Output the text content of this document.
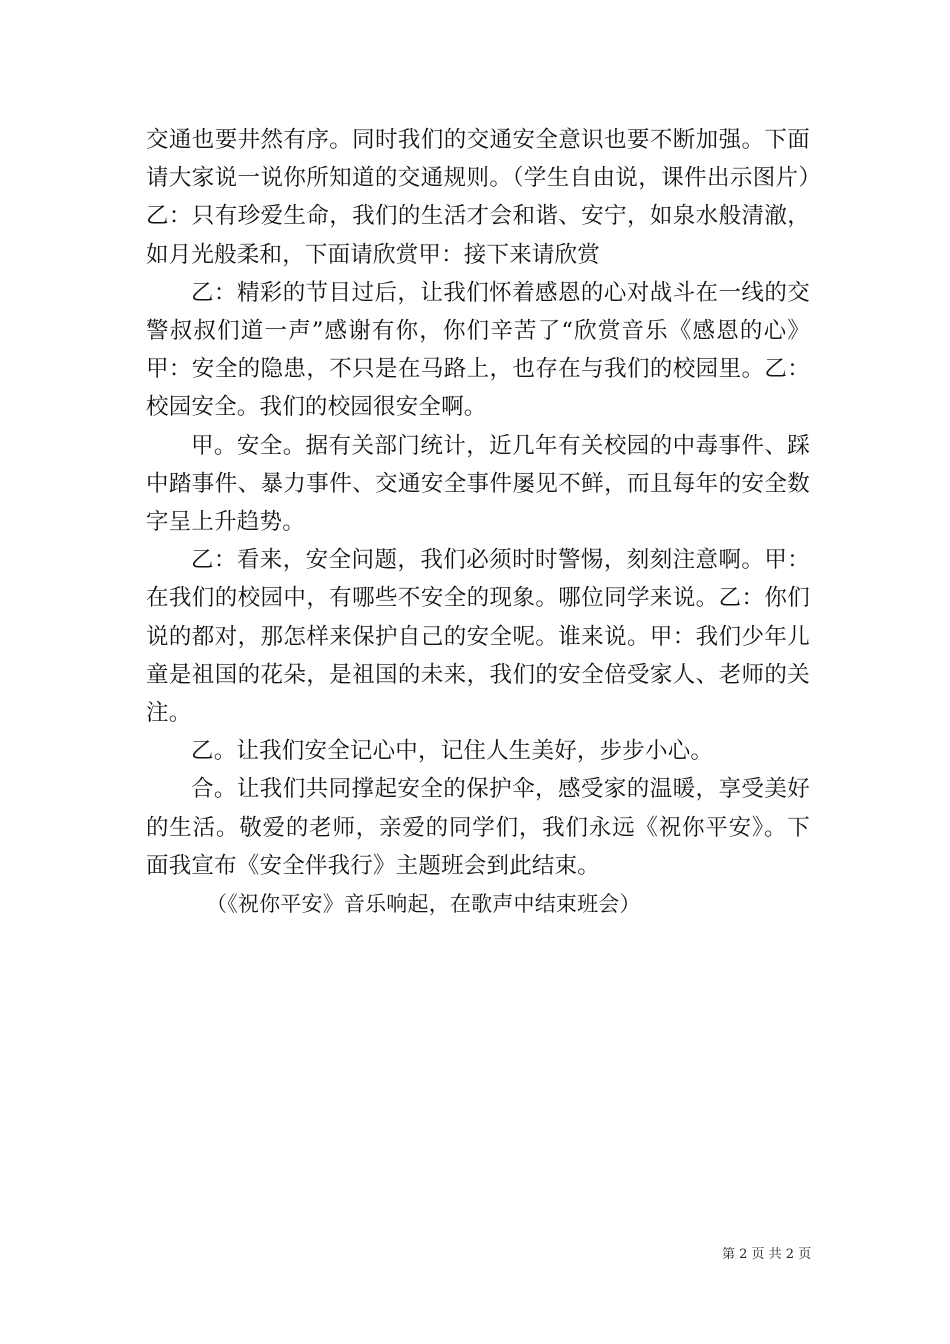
交通也要井然有序。同时我们的交通安全意识也要不断加强。下面请大家说一说你所知道的交通规则。（学生自由说，课件出示图片）乙：只有珍爱生命，我们的生活才会和谐、安宁，如泉水般清澈，如月光般柔和，下面请欣赏甲：接下来请欣赏

乙：精彩的节目过后，让我们怀着感恩的心对战斗在一线的交警叔叔们道一声”感谢有你，你们辛苦了“欣赏音乐《感恩的心》甲：安全的隐患，不只是在马路上，也存在与我们的校园里。乙：校园安全。我们的校园很安全啊。

甲。安全。据有关部门统计，近几年有关校园的中毒事件、踩中踏事件、暴力事件、交通安全事件屡见不鲜，而且每年的安全数字呈上升趋势。

乙：看来，安全问题，我们必须时时警惕，刻刻注意啊。甲：在我们的校园中，有哪些不安全的现象。哪位同学来说。乙：你们说的都对，那怎样来保护自己的安全呢。谁来说。甲：我们少年儿童是祖国的花朵，是祖国的未来，我们的安全倍受家人、老师的关注。

乙。让我们安全记心中，记住人生美好，步步小心。

合。让我们共同撑起安全的保护伞，感受家的温暖，享受美好的生活。敬爱的老师，亲爱的同学们，我们永远《祝你平安》。下面我宣布《安全伴我行》主题班会到此结束。

（《祝你平安》音乐响起，在歌声中结束班会）

第 2 页 共 2 页
